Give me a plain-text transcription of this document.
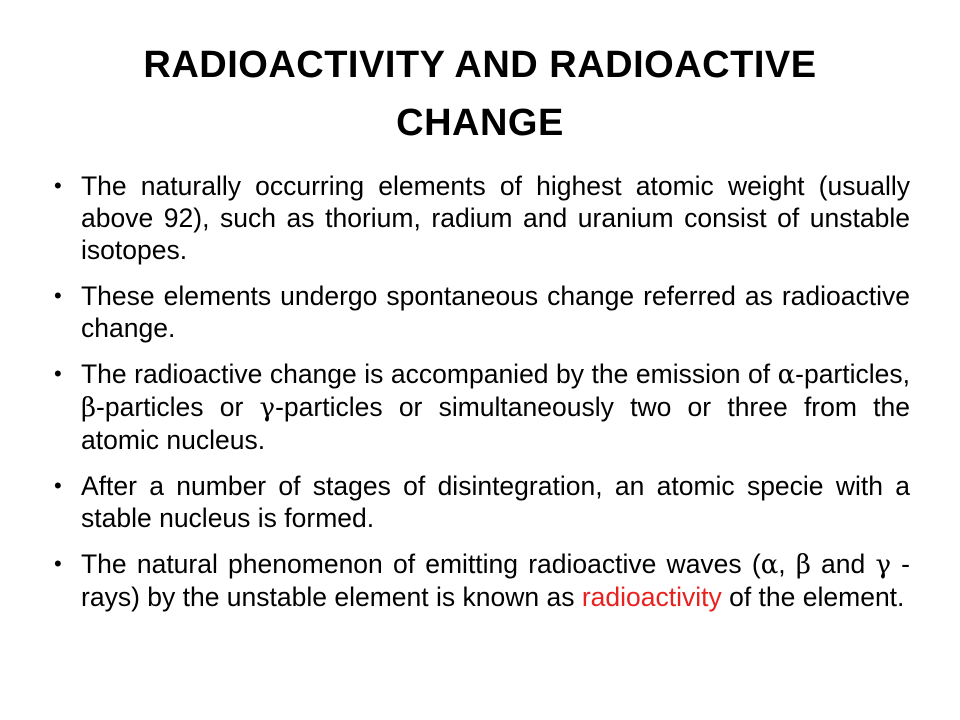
RADIOACTIVITY AND RADIOACTIVE
CHANGE
• The naturally occurring elements of highest atomic weight (usually above 92), such as thorium, radium and uranium consist of unstable isotopes.
• These elements undergo spontaneous change referred as radioactive change.
• The radioactive change is accompanied by the emission of α-particles, β-particles or γ-particles or simultaneously two or three from the atomic nucleus.
• After a number of stages of disintegration, an atomic specie with a stable nucleus is formed.
• The natural phenomenon of emitting radioactive waves (α, β and γ -rays) by the unstable element is known as radioactivity of the element.
